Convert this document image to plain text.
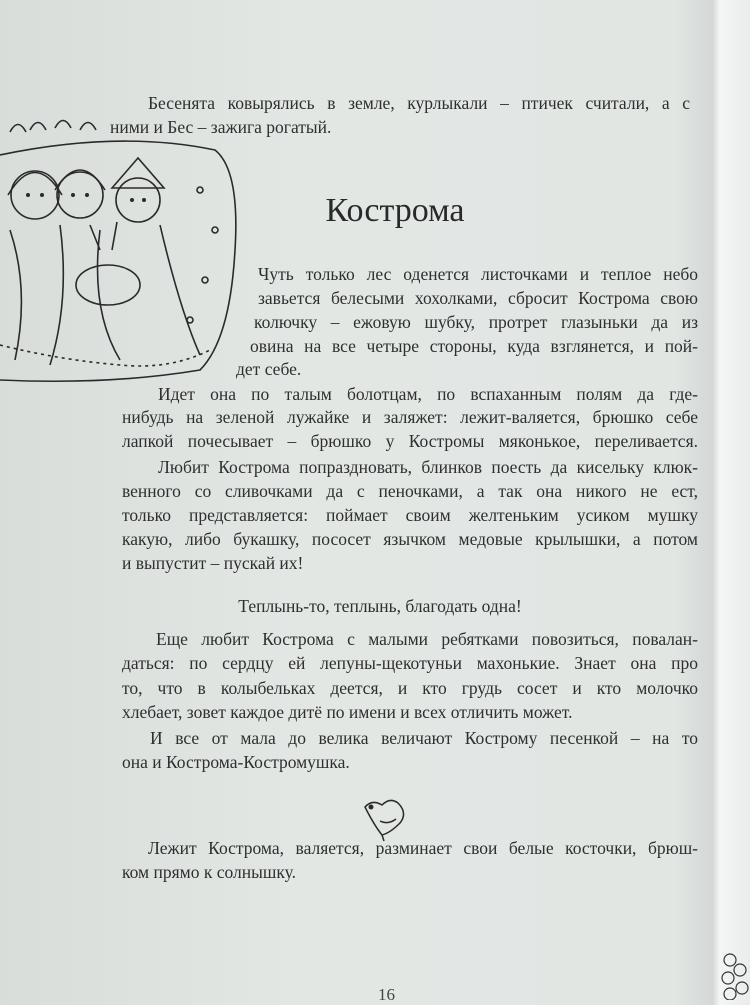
Бесенята ковырялись в земле, курлыкали – птичек считали, а с
ними и Бес – зажига рогатый.
Кострома
Чуть только лес оденется листочками и теплое небо
завьется белесыми хохолками, сбросит Кострома свою
колючку – ежовую шубку, протрет глазыньки да из
овина на все четыре стороны, куда взглянется, и пой-
дет себе.
Идет она по талым болотцам, по вспаханным полям да где-
нибудь на зеленой лужайке и заляжет: лежит-валяется, брюшко себе
лапкой почесывает – брюшко у Костромы мяконькое, переливается.
Любит Кострома попраздновать, блинков поесть да кисельку клюк-
венного со сливочками да с пеночками, а так она никого не ест,
только представляется: поймает своим желтеньким усиком мушку
какую, либо букашку, пососет язычком медовые крылышки, а потом
и выпустит – пускай их!
Теплынь-то, теплынь, благодать одна!
Еще любит Кострома с малыми ребятками повозиться, повалан-
даться: по сердцу ей лепуны-щекотуньи махонькие. Знает она про
то, что в колыбельках деется, и кто грудь сосет и кто молочко
хлебает, зовет каждое дитё по имени и всех отличить может.
И все от мала до велика величают Кострому песенкой – на то
она и Кострома-Костромушка.
Лежит Кострома, валяется, разминает свои белые косточки, брюш-
ком прямо к солнышку.
16
